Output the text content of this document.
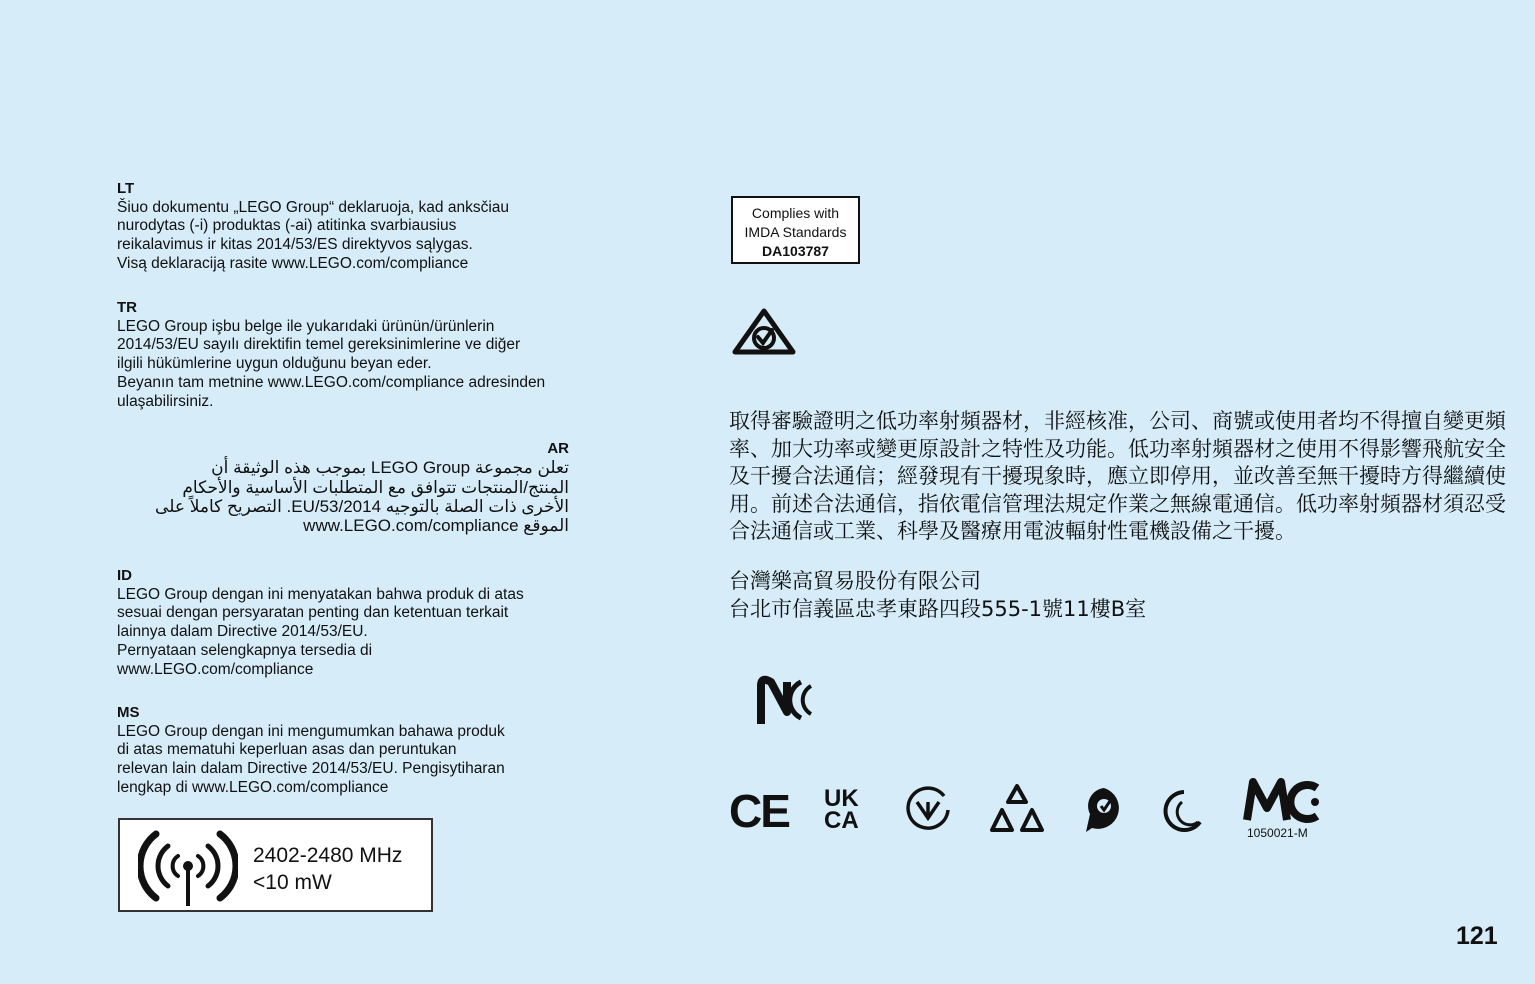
LT
Šiuo dokumentu „LEGO Group“ deklaruoja, kad anksčiau
nurodytas (-i) produktas (-ai) atitinka svarbiausius
reikalavimus ir kitas 2014/53/ES direktyvos sąlygas.
Visą deklaraciją rasite www.LEGO.com/compliance
TR
LEGO Group işbu belge ile yukarıdaki ürünün/ürünlerin
2014/53/EU sayılı direktifin temel gereksinimlerine ve diğer
ilgili hükümlerine uygun olduğunu beyan eder.
Beyanın tam metnine www.LEGO.com/compliance adresinden
ulaşabilirsiniz.
AR
تعلن مجموعة LEGO Group بموجب هذه الوثيقة أن
المنتج/المنتجات تتوافق مع المتطلبات الأساسية والأحكام
الأخرى ذات الصلة بالتوجيه EU/53/2014. التصريح كاملاً على
الموقع www.LEGO.com/compliance
ID
LEGO Group dengan ini menyatakan bahwa produk di atas
sesuai dengan persyaratan penting dan ketentuan terkait
lainnya dalam Directive 2014/53/EU.
Pernyataan selengkapnya tersedia di
www.LEGO.com/compliance
MS
LEGO Group dengan ini mengumumkan bahawa produk
di atas mematuhi keperluan asas dan peruntukan
relevan lain dalam Directive 2014/53/EU. Pengisytiharan
lengkap di www.LEGO.com/compliance
2402-2480 MHz
<10 mW
Complies with
IMDA Standards
DA103787
取得審驗證明之低功率射頻器材，非經核准，公司、商號或使用者均不得擅自變更頻率、加大功率或變更原設計之特性及功能。低功率射頻器材之使用不得影響飛航安全及干擾合法通信；經發現有干擾現象時，應立即停用，並改善至無干擾時方得繼續使用。前述合法通信，指依電信管理法規定作業之無線電通信。低功率射頻器材須忍受合法通信或工業、科學及醫療用電波輻射性電機設備之干擾。
台灣樂高貿易股份有限公司
台北市信義區忠孝東路四段555-1號11樓B室
CE UK
CA	1050021-M
121
